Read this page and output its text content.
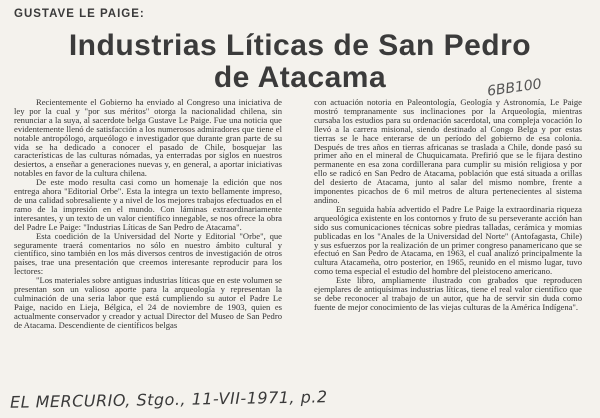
GUSTAVE LE PAIGE:
Industrias Líticas de San Pedro
de Atacama	6BB100

Recientemente el Gobierno ha enviado al Congreso una iniciativa de ley por la cual y "por sus méritos" otorga la nacionalidad chilena, sin renunciar a la suya, al sacerdote belga Gustave Le Paige. Fue una noticia que evidentemente llenó de satisfacción a los numerosos admiradores que tiene el notable antropólogo, arqueólogo e investigador que durante gran parte de su vida se ha dedicado a conocer el pasado de Chile, bosquejar las características de las culturas nómadas, ya enterradas por siglos en nuestros desiertos, a enseñar a generaciones nuevas y, en general, a aportar iniciativas notables en favor de la cultura chilena.

De este modo resulta casi como un homenaje la edición que nos entrega ahora "Editorial Orbe". Esta la integra un texto bellamente impreso, de una calidad sobresaliente y a nivel de los mejores trabajos efectuados en el ramo de la impresión en el mundo. Con láminas extraordinariamente interesantes, y un texto de un valor científico innegable, se nos ofrece la obra del Padre Le Paige: "Industrias Líticas de San Pedro de Atacama".

Esta coedición de la Universidad del Norte y Editorial "Orbe", que seguramente traerá comentarios no sólo en nuestro ámbito cultural y científico, sino también en los más diversos centros de investigación de otros países, trae una presentación que creemos interesante reproducir para los lectores:

"Los materiales sobre antiguas industrias líticas que en este volumen se presentan son un valioso aporte para la arqueología y representan la culminación de una seria labor que está cumpliendo su autor el Padre Le Paige, nacido en Lieja, Bélgica, el 24 de noviembre de 1903, quien es actualmente conservador y creador y actual Director del Museo de San Pedro de Atacama. Descendiente de científicos belgas

con actuación notoria en Paleontología, Geología y Astronomía, Le Paige mostró tempranamente sus inclinaciones por la Arqueología, mientras cursaba los estudios para su ordenación sacerdotal, una compleja vocación lo llevó a la carrera misional, siendo destinado al Congo Belga y por estas tierras se le hace enterarse de un período del gobierno de esa colonia. Después de tres años en tierras africanas se traslada a Chile, donde pasó su primer año en el mineral de Chuquicamata. Prefirió que se le fijara destino permanente en esa zona cordillerana para cumplir su misión religiosa y por ello se radicó en San Pedro de Atacama, población que está situada a orillas del desierto de Atacama, junto al salar del mismo nombre, frente a imponentes picachos de 6 mil metros de altura pertenecientes al sistema andino.

En seguida había advertido el Padre Le Paige la extraordinaria riqueza arqueológica existente en los contornos y fruto de su perseverante acción han sido sus comunicaciones técnicas sobre piedras talladas, cerámica y momias publicadas en los "Anales de la Universidad del Norte" (Antofagasta, Chile) y sus esfuerzos por la realización de un primer congreso panamericano que se efectuó en San Pedro de Atacama, en 1963, el cual analizó principalmente la cultura Atacameña, otro posterior, en 1965, reunido en el mismo lugar, tuvo como tema especial el estudio del hombre del pleistoceno americano.

Este libro, ampliamente ilustrado con grabados que reproducen ejemplares de antiquísimas industrias líticas, tiene el real valor científico que se debe reconocer al trabajo de un autor, que ha de servir sin duda como fuente de mejor conocimiento de las viejas culturas de la América Indígena".

EL MERCURIO, Stgo., 11-VII-1971, p.2
